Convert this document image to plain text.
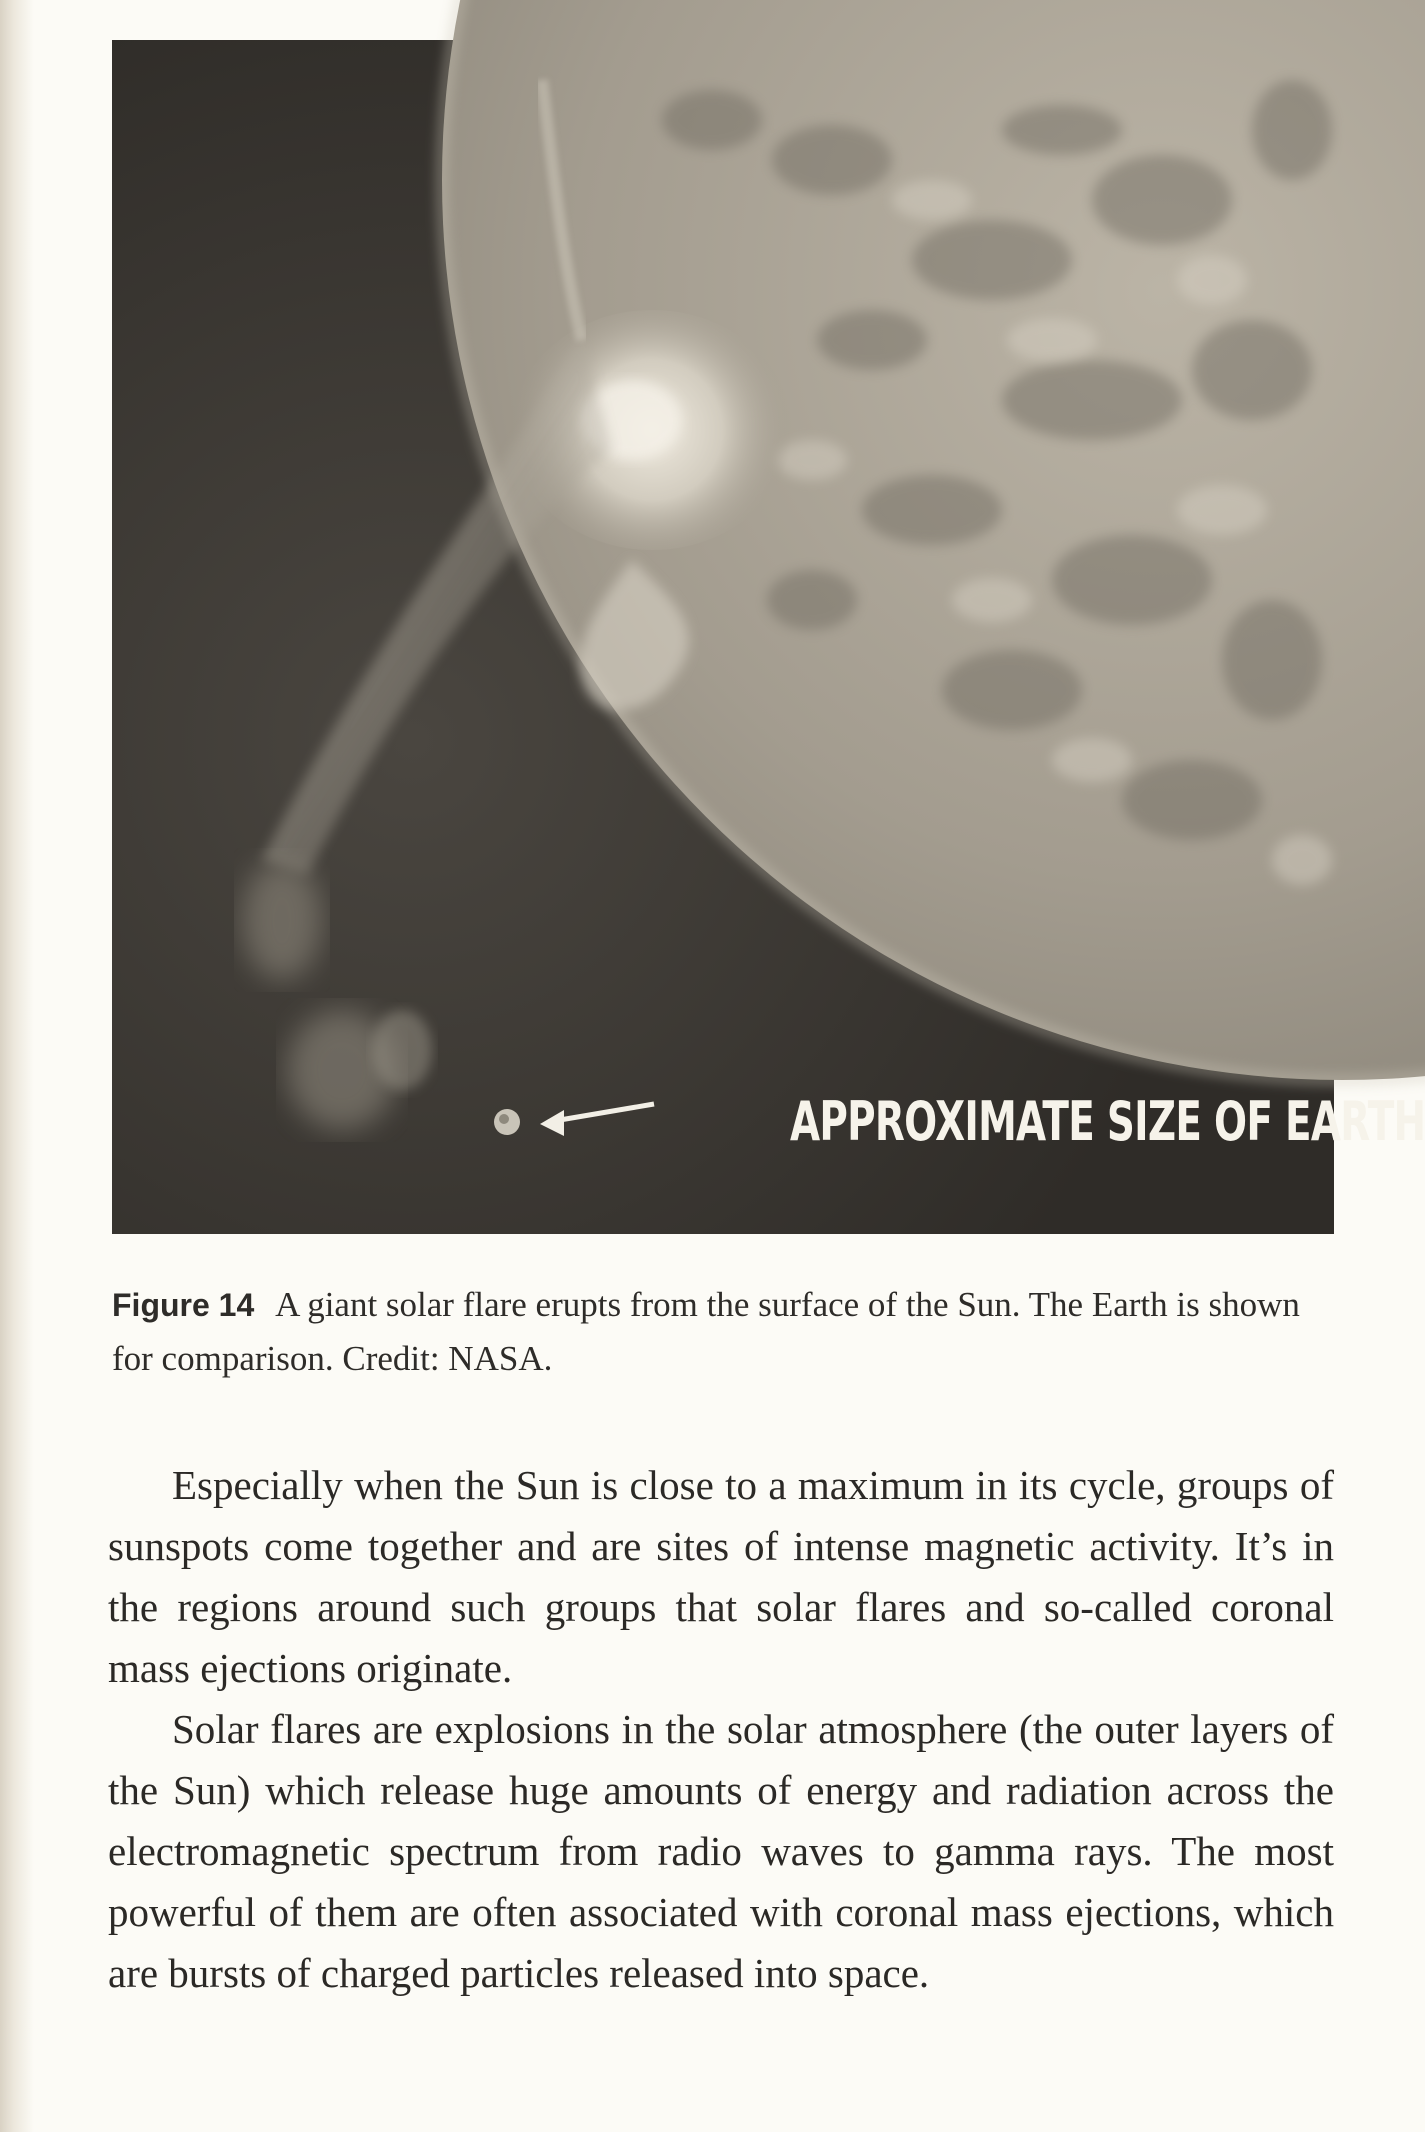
APPROXIMATE SIZE OF EARTH
Figure 14 A giant solar flare erupts from the surface of the Sun. The Earth is shown for comparison. Credit: NASA.

Especially when the Sun is close to a maximum in its cycle, groups of sunspots come together and are sites of intense magnetic activity. It’s in the regions around such groups that solar flares and so-called coronal mass ejections originate.

Solar flares are explosions in the solar atmosphere (the outer layers of the Sun) which release huge amounts of energy and radiation across the electromagnetic spectrum from radio waves to gamma rays. The most powerful of them are often associated with coronal mass ejections, which are bursts of charged particles released into space.
